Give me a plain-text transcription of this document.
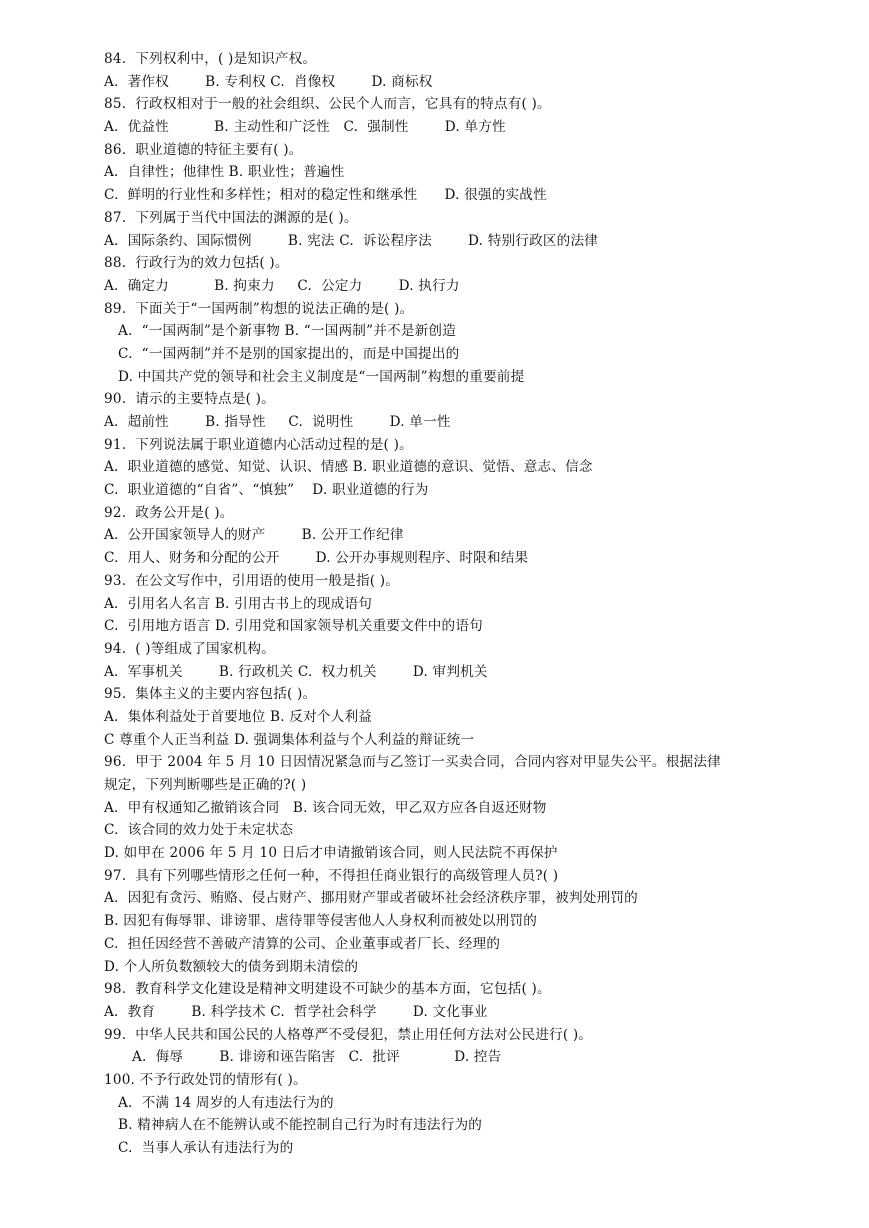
84.  下列权利中，( )是知识产权。
A.  著作权        B. 专利权 C.  肖像权        D. 商标权
85.  行政权相对于一般的社会组织、公民个人而言，它具有的特点有( )。
A.  优益性          B. 主动性和广泛性   C.  强制性        D. 单方性
86.  职业道德的特征主要有( )。
A.  自律性；他律性 B. 职业性；普遍性
C.  鲜明的行业性和多样性；相对的稳定性和继承性      D. 很强的实战性
87.  下列属于当代中国法的渊源的是( )。
A.  国际条约、国际惯例        B. 宪法 C.  诉讼程序法        D. 特别行政区的法律
88.  行政行为的效力包括( )。
A.  确定力          B. 拘束力     C.  公定力        D. 执行力
89.  下面关于“一国两制”构想的说法正确的是( )。
A.  “一国两制”是个新事物 B. “一国两制”并不是新创造
C.  “一国两制”并不是别的国家提出的，而是中国提出的
D. 中国共产党的领导和社会主义制度是“一国两制”构想的重要前提
90.  请示的主要特点是( )。
A.  超前性        B. 指导性     C.  说明性        D. 单一性
91.  下列说法属于职业道德内心活动过程的是( )。
A.  职业道德的感觉、知觉、认识、情感 B. 职业道德的意识、觉悟、意志、信念
C.  职业道德的“自省”、“慎独”    D. 职业道德的行为
92.  政务公开是( )。
A.  公开国家领导人的财产        B. 公开工作纪律
C.  用人、财务和分配的公开        D. 公开办事规则程序、时限和结果
93.  在公文写作中，引用语的使用一般是指( )。
A.  引用名人名言 B. 引用古书上的现成语句
C.  引用地方语言 D. 引用党和国家领导机关重要文件中的语句
94.  ( )等组成了国家机构。
A.  军事机关        B. 行政机关 C.  权力机关        D. 审判机关
95.  集体主义的主要内容包括( )。
A.  集体利益处于首要地位 B. 反对个人利益
C 尊重个人正当利益 D. 强调集体利益与个人利益的辩证统一
96.  甲于 2004 年 5 月 10 日因情况紧急而与乙签订一买卖合同，合同内容对甲显失公平。根据法律
规定，下列判断哪些是正确的?( )
A.  甲有权通知乙撤销该合同   B. 该合同无效，甲乙双方应各自返还财物
C.  该合同的效力处于未定状态
D. 如甲在 2006 年 5 月 10 日后才申请撤销该合同，则人民法院不再保护
97.  具有下列哪些情形之任何一种，不得担任商业银行的高级管理人员?( )
A.  因犯有贪污、贿赂、侵占财产、挪用财产罪或者破坏社会经济秩序罪，被判处刑罚的
B. 因犯有侮辱罪、诽谤罪、虐待罪等侵害他人人身权利而被处以刑罚的
C.  担任因经营不善破产清算的公司、企业董事或者厂长、经理的
D. 个人所负数额较大的债务到期未清偿的
98.  教育科学文化建设是精神文明建设不可缺少的基本方面，它包括( )。
A.  教育        B. 科学技术 C.  哲学社会科学        D. 文化事业
99.  中华人民共和国公民的人格尊严不受侵犯，禁止用任何方法对公民进行( )。
A.  侮辱        B. 诽谤和诬告陷害   C.  批评            D. 控告
100. 不予行政处罚的情形有( )。
A.  不满 14 周岁的人有违法行为的
B. 精神病人在不能辨认或不能控制自己行为时有违法行为的
C.  当事人承认有违法行为的
